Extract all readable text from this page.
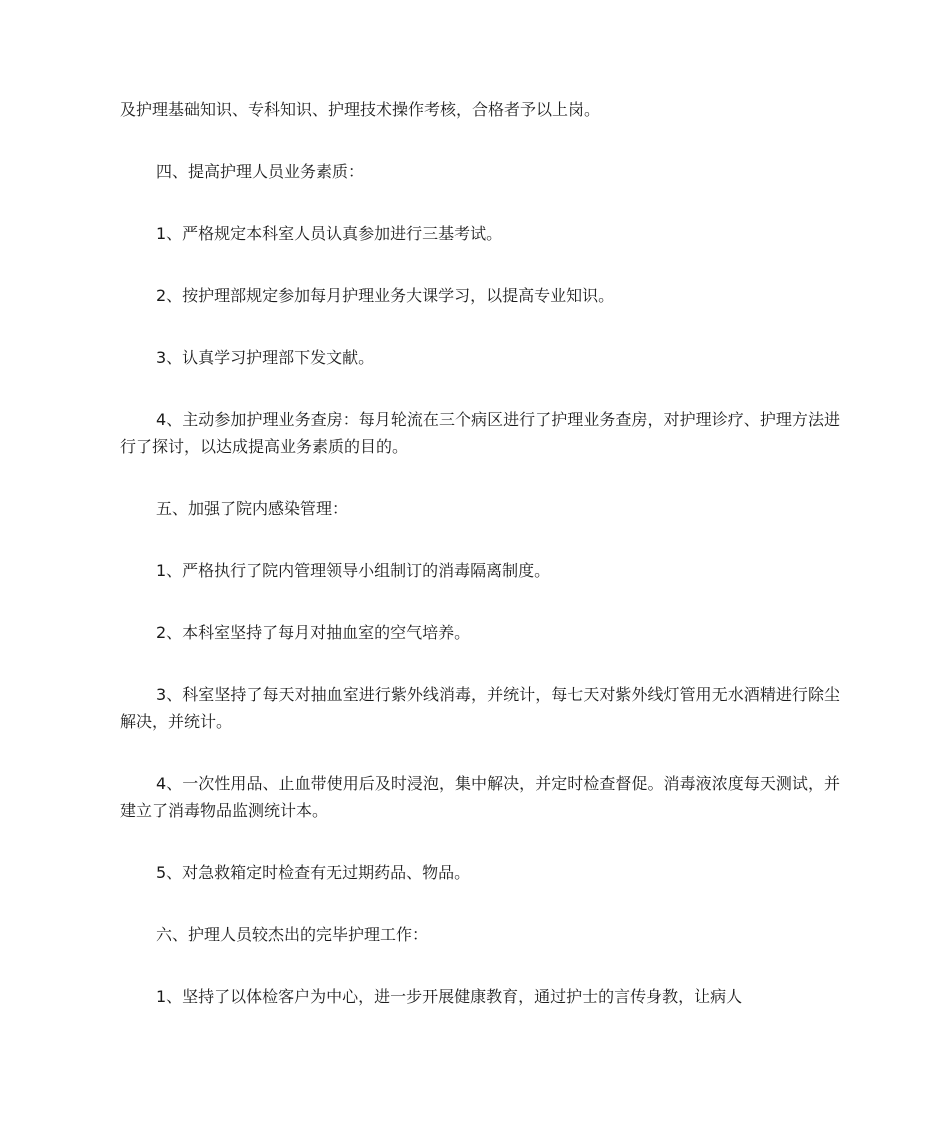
及护理基础知识、专科知识、护理技术操作考核，合格者予以上岗。

四、提高护理人员业务素质：

1、严格规定本科室人员认真参加进行三基考试。

2、按护理部规定参加每月护理业务大课学习，以提高专业知识。

3、认真学习护理部下发文献。

4、主动参加护理业务查房：每月轮流在三个病区进行了护理业务查房，对护理诊疗、护理方法进行了探讨，以达成提高业务素质的目的。

五、加强了院内感染管理：

1、严格执行了院内管理领导小组制订的消毒隔离制度。

2、本科室坚持了每月对抽血室的空气培养。

3、科室坚持了每天对抽血室进行紫外线消毒，并统计，每七天对紫外线灯管用无水酒精进行除尘解决，并统计。

4、一次性用品、止血带使用后及时浸泡，集中解决，并定时检查督促。消毒液浓度每天测试，并建立了消毒物品监测统计本。

5、对急救箱定时检查有无过期药品、物品。

六、护理人员较杰出的完毕护理工作：

1、坚持了以体检客户为中心，进一步开展健康教育，通过护士的言传身教，让病人
